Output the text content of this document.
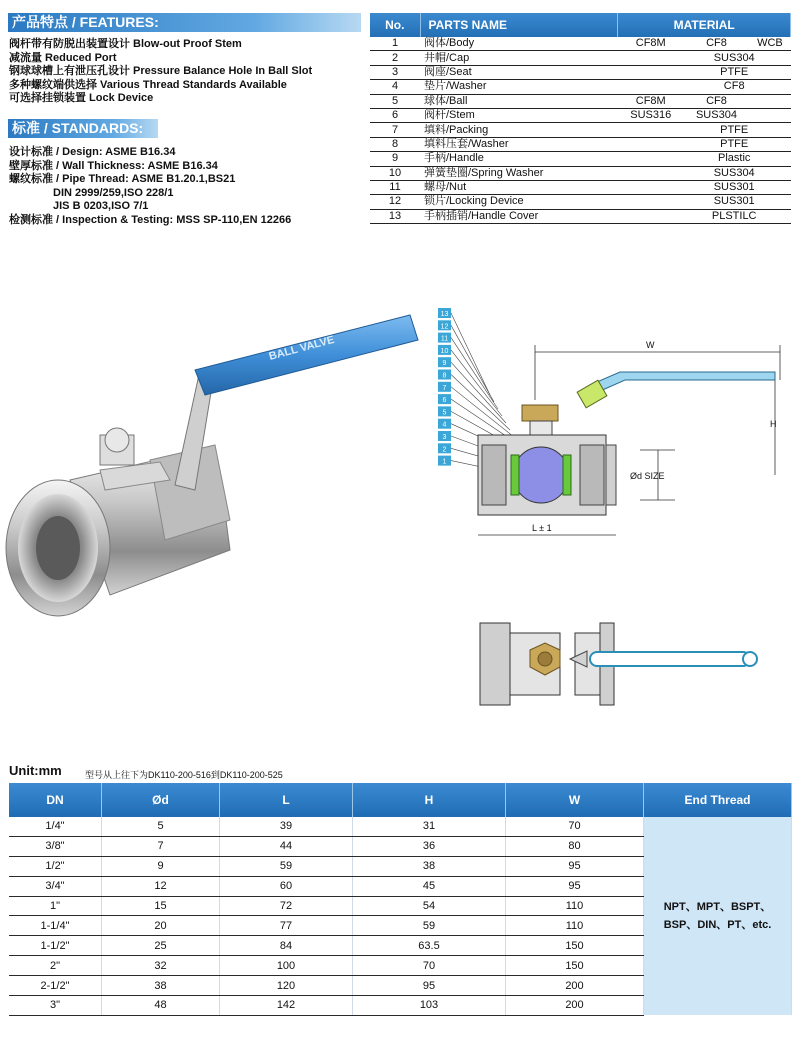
产品特点 / FEATURES:
阀杆带有防脱出装置设计 Blow-out Proof Stem
减流量 Reduced Port
钢球球槽上有泄压孔设计 Pressure Balance Hole In Ball Slot
多种螺纹端供选择 Various Thread Standards Available
可选择挂锁装置 Lock Device
标准 / STANDARDS:
设计标准 / Design: ASME B16.34
壁厚标准 / Wall Thickness: ASME B16.34
螺纹标准 / Pipe Thread: ASME B1.20.1,BS21
DIN 2999/259,ISO 228/1
JIS B 0203,ISO 7/1
检测标准 / Inspection & Testing: MSS SP-110,EN 12266
No.	PARTS NAME	MATERIAL		
1	阀体/Body	CF8M	CF8	WCB
2	井帽/Cap	SUS304		
3	阀座/Seat	PTFE		
4	垫片/Washer	CF8		
5	球体/Ball	CF8M	CF8	
6	阀杆/Stem	SUS316	SUS304	
7	填料/Packing	PTFE		
8	填料压套/Washer	PTFE		
9	手柄/Handle	Plastic		
10	弹簧垫圈/Spring Washer	SUS304		
11	螺母/Nut	SUS301		
12	锁片/Locking Device	SUS301		
13	手柄插销/Handle Cover	PLSTILC		
BALL VALVE
13
12
11
10
9
8
7
6
5
4
3
2
1
W
H
Ød SIZE
L ± 1
Unit:mm	型号从上往下为DK110-200-516到DK110-200-525
DN	Ød	L	H	W	End Thread
1/4"	5	39	31	70	NPT、MPT、BSPT、
BSP、DIN、PT、etc.

3/8"	7	44	36	80	
1/2"	9	59	38	95	
3/4"	12	60	45	95	
1"	15	72	54	110	
1-1/4"	20	77	59	110	
1-1/2"	25	84	63.5	150	
2"	32	100	70	150	
2-1/2"	38	120	95	200	
3"	48	142	103	200	
